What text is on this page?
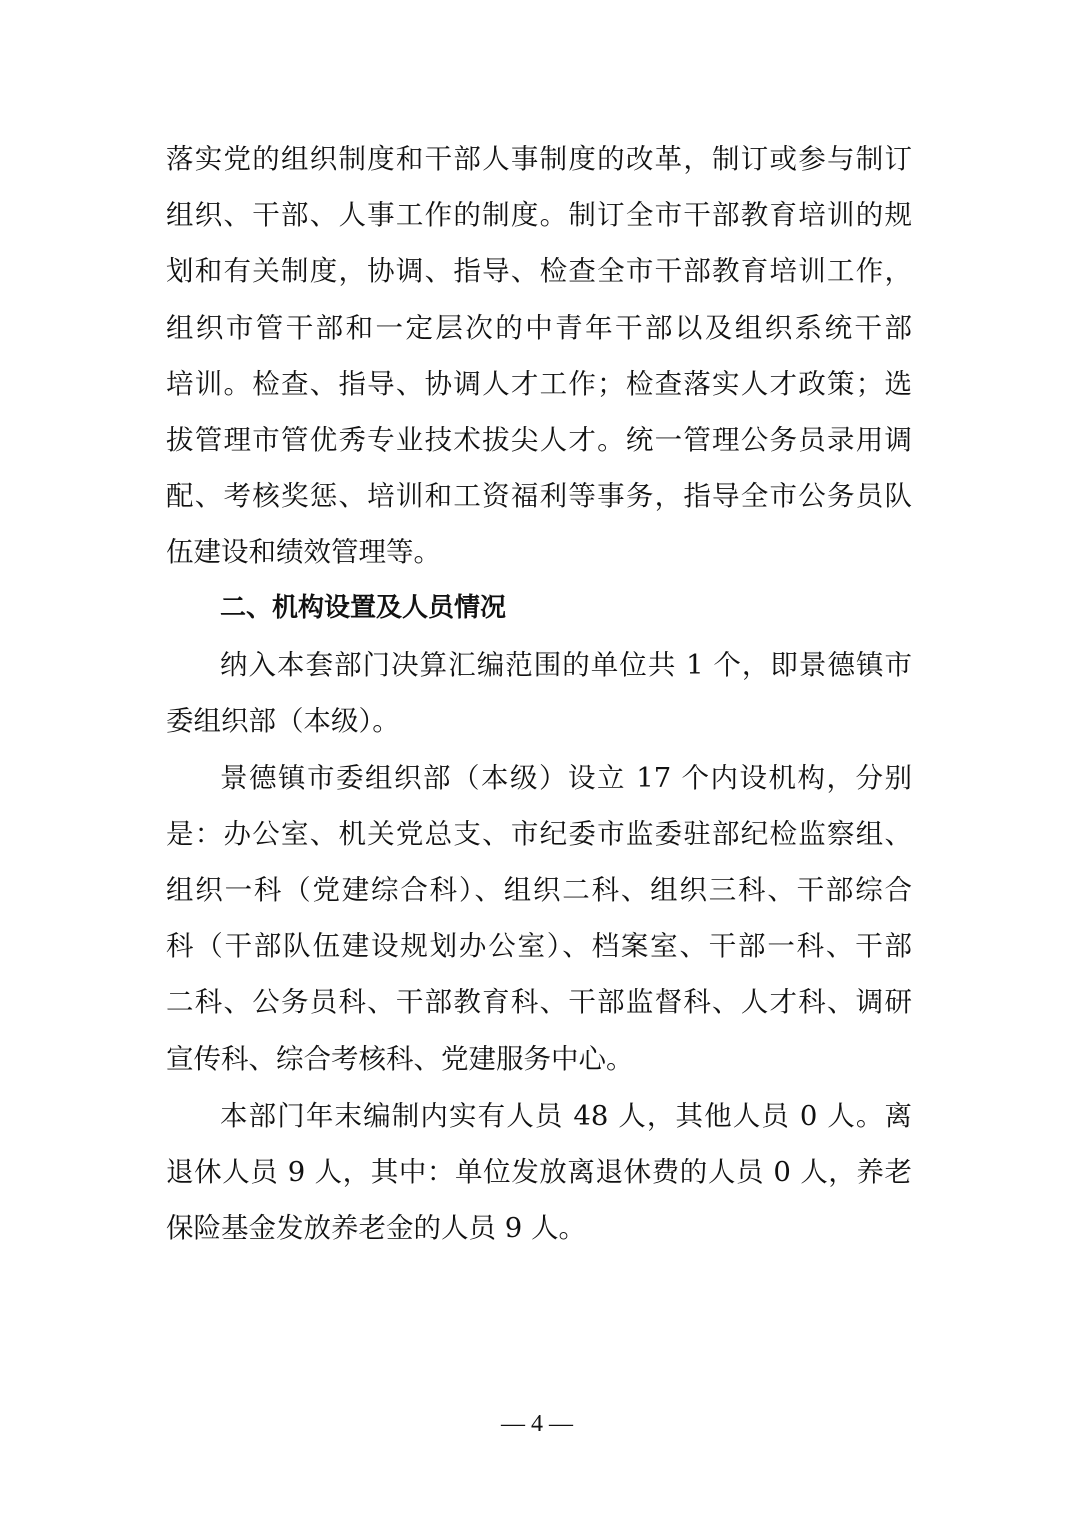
落实党的组织制度和干部人事制度的改革，制订或参与制订
组织、干部、人事工作的制度。制订全市干部教育培训的规
划和有关制度，协调、指导、检查全市干部教育培训工作，
组织市管干部和一定层次的中青年干部以及组织系统干部
培训。检查、指导、协调人才工作；检查落实人才政策；选
拔管理市管优秀专业技术拔尖人才。统一管理公务员录用调
配、考核奖惩、培训和工资福利等事务，指导全市公务员队
伍建设和绩效管理等。
二、机构设置及人员情况
纳入本套部门决算汇编范围的单位共 1 个，即景德镇市
委组织部（本级）。
景德镇市委组织部（本级）设立 17 个内设机构，分别
是：办公室、机关党总支、市纪委市监委驻部纪检监察组、
组织一科（党建综合科）、组织二科、组织三科、干部综合
科（干部队伍建设规划办公室）、档案室、干部一科、干部
二科、公务员科、干部教育科、干部监督科、人才科、调研
宣传科、综合考核科、党建服务中心。
本部门年末编制内实有人员 48 人，其他人员 0 人。离
退休人员 9 人，其中：单位发放离退休费的人员 0 人，养老
保险基金发放养老金的人员 9 人。
— 4 —
